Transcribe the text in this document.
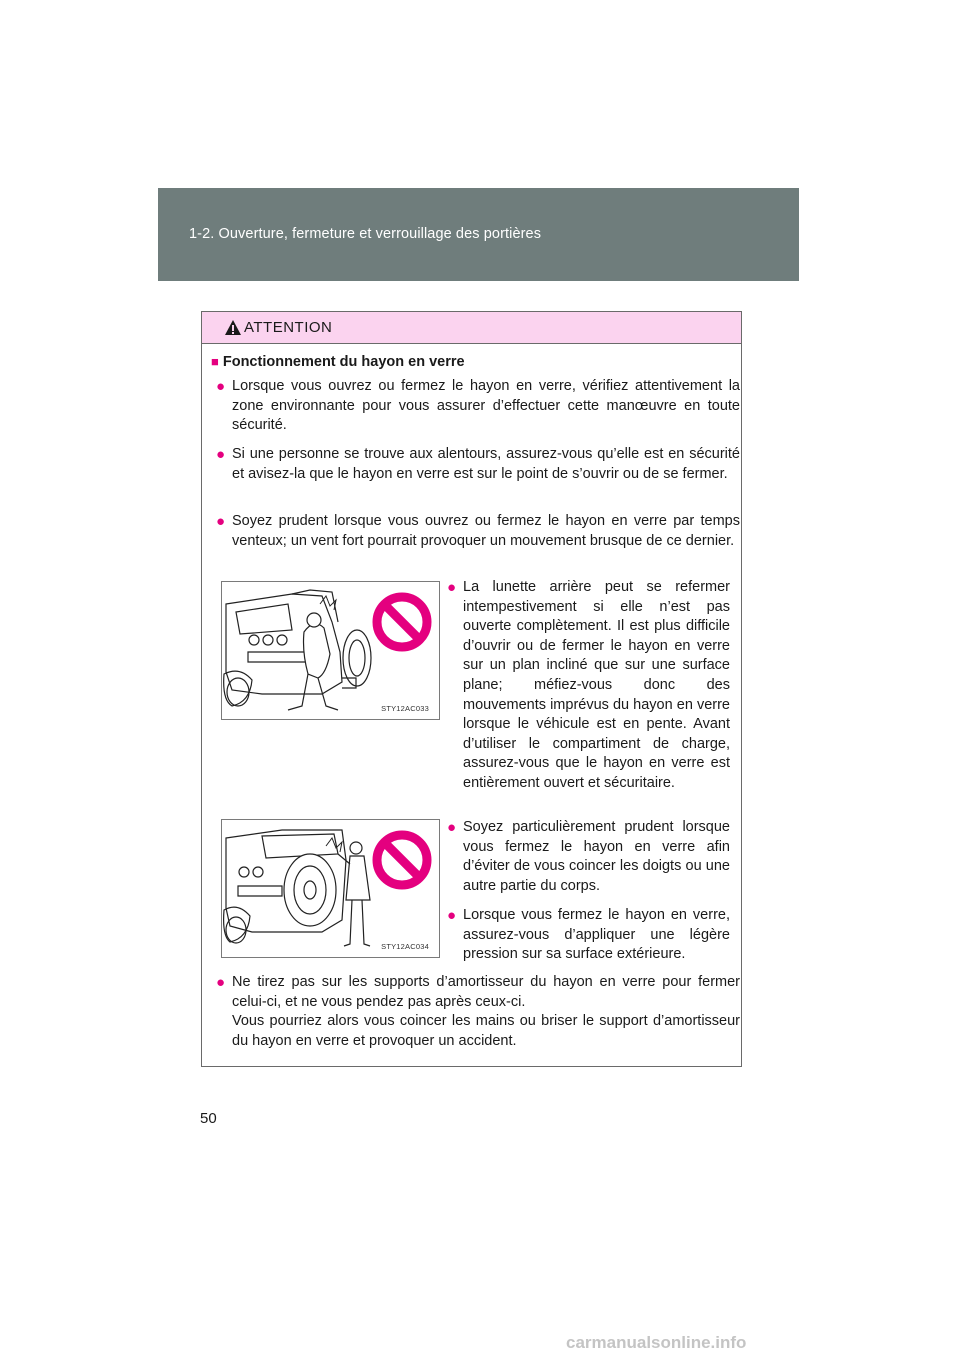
1-2. Ouverture, fermeture et verrouillage des portières
ATTENTION
■ Fonctionnement du hayon en verre
● Lorsque vous ouvrez ou fermez le hayon en verre, vérifiez attentivement la zone environnante pour vous assurer d’effectuer cette manœuvre en toute sécurité.

● Si une personne se trouve aux alentours, assurez-vous qu’elle est en sécurité et avisez-la que le hayon en verre est sur le point de s’ouvrir ou de se fermer.

● Soyez prudent lorsque vous ouvrez ou fermez le hayon en verre par temps venteux; un vent fort pourrait provoquer un mouvement brusque de ce dernier.

STY12AC033
● La lunette arrière peut se refermer intempestivement si elle n’est pas ouverte complètement. Il est plus difficile d’ouvrir ou de fermer le hayon en verre sur un plan incliné que sur une surface plane; méfiez-vous donc des mouvements imprévus du hayon en verre lorsque le véhicule est en pente. Avant d’utiliser le compartiment de charge, assurez-vous que le hayon en verre est entièrement ouvert et sécuritaire.

STY12AC034
● Soyez particulièrement prudent lorsque vous fermez le hayon en verre afin d’éviter de vous coincer les doigts ou une autre partie du corps.

● Lorsque vous fermez le hayon en verre, assurez-vous d’appliquer une légère pression sur sa surface extérieure.

● Ne tirez pas sur les supports d’amortisseur du hayon en verre pour fermer celui-ci, et ne vous pendez pas après ceux-ci.

Vous pourriez alors vous coincer les mains ou briser le support d’amortisseur du hayon en verre et provoquer un accident.

50
carmanualsonline.info
